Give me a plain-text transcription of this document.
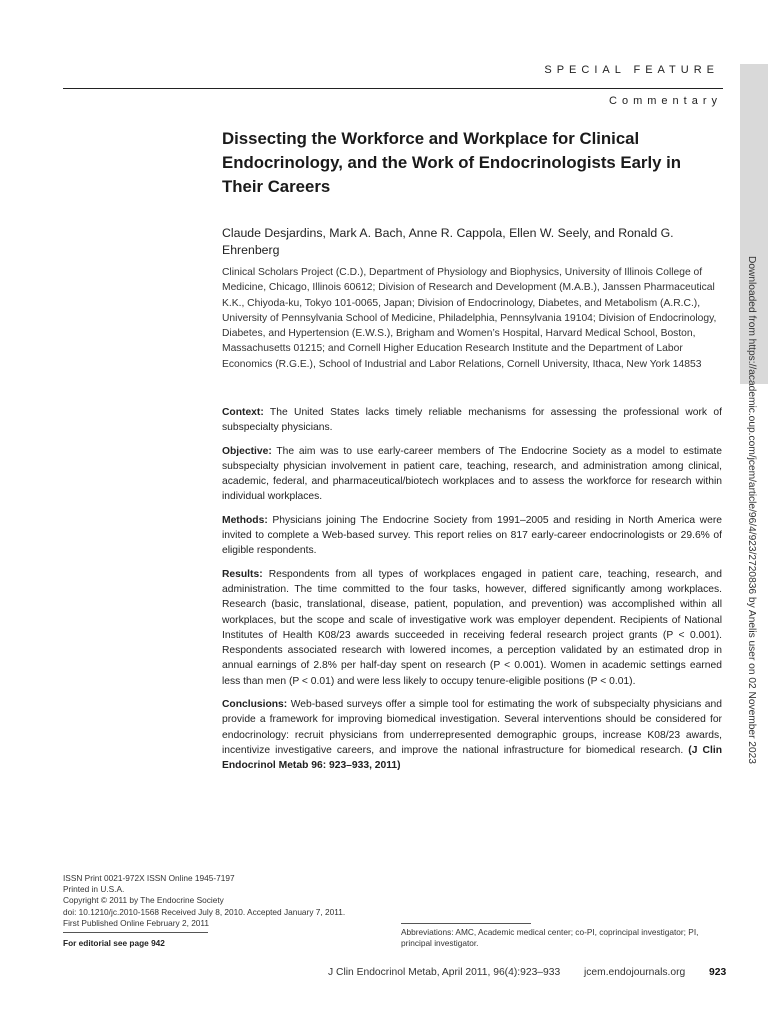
SPECIAL FEATURE
Commentary
Downloaded from https://academic.oup.com/jcem/article/96/4/923/2720836 by Anelis user on 02 November 2023
Dissecting the Workforce and Workplace for Clinical Endocrinology, and the Work of Endocrinologists Early in Their Careers
Claude Desjardins, Mark A. Bach, Anne R. Cappola, Ellen W. Seely, and Ronald G. Ehrenberg
Clinical Scholars Project (C.D.), Department of Physiology and Biophysics, University of Illinois College of Medicine, Chicago, Illinois 60612; Division of Research and Development (M.A.B.), Janssen Pharmaceutical K.K., Chiyoda-ku, Tokyo 101-0065, Japan; Division of Endocrinology, Diabetes, and Metabolism (A.R.C.), University of Pennsylvania School of Medicine, Philadelphia, Pennsylvania 19104; Division of Endocrinology, Diabetes, and Hypertension (E.W.S.), Brigham and Women’s Hospital, Harvard Medical School, Boston, Massachusetts 01215; and Cornell Higher Education Research Institute and the Department of Labor Economics (R.G.E.), School of Industrial and Labor Relations, Cornell University, Ithaca, New York 14853

Context: The United States lacks timely reliable mechanisms for assessing the professional work of subspecialty physicians.

Objective: The aim was to use early-career members of The Endocrine Society as a model to estimate subspecialty physician involvement in patient care, teaching, research, and administration among clinical, academic, federal, and pharmaceutical/biotech workplaces and to assess the workforce for research within individual workplaces.

Methods: Physicians joining The Endocrine Society from 1991–2005 and residing in North America were invited to complete a Web-based survey. This report relies on 817 early-career endocrinologists or 29.6% of eligible respondents.

Results: Respondents from all types of workplaces engaged in patient care, teaching, research, and administration. The time committed to the four tasks, however, differed significantly among workplaces. Research (basic, translational, disease, patient, population, and prevention) was accomplished within all workplaces, but the scope and scale of investigative work was employer dependent. Recipients of National Institutes of Health K08/23 awards succeeded in receiving federal research project grants (P < 0.001). Respondents associated research with lowered incomes, a perception validated by an estimated drop in annual earnings of 2.8% per half-day spent on research (P < 0.001). Women in academic settings earned less than men (P < 0.01) and were less likely to occupy tenure-eligible positions (P < 0.01).

Conclusions: Web-based surveys offer a simple tool for estimating the work of subspecialty physicians and provide a framework for improving biomedical investigation. Several interventions should be considered for endocrinology: recruit physicians from underrepresented demographic groups, increase K08/23 awards, incentivize investigative careers, and improve the national infrastructure for biomedical research. (J Clin Endocrinol Metab 96: 923–933, 2011)

ISSN Print 0021-972X ISSN Online 1945-7197
Printed in U.S.A.
Copyright © 2011 by The Endocrine Society
doi: 10.1210/jc.2010-1568 Received July 8, 2010. Accepted January 7, 2011.
First Published Online February 2, 2011
For editorial see page 942
Abbreviations: AMC, Academic medical center; co-PI, coprincipal investigator; PI, principal investigator.
J Clin Endocrinol Metab, April 2011, 96(4):923–933 jcem.endojournals.org 923
